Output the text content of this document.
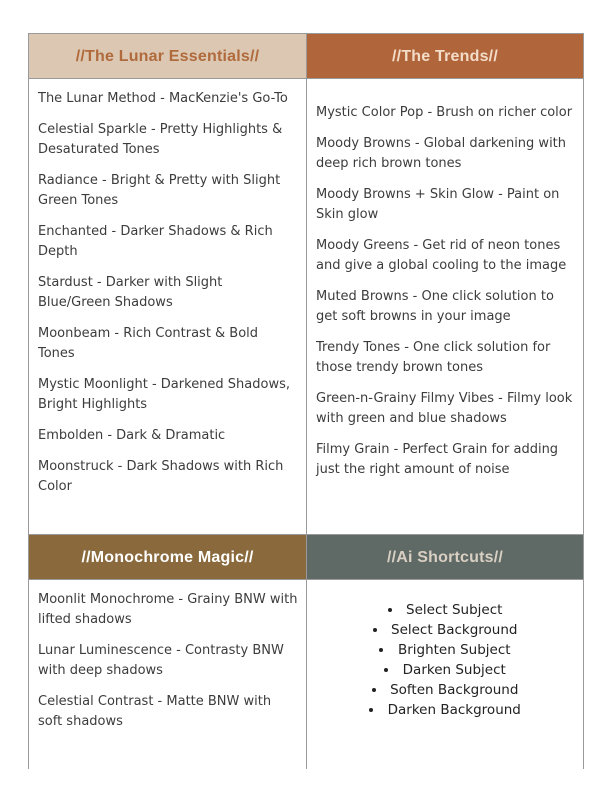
//The Lunar Essentials//
The Lunar Method - MacKenzie's Go-To
Celestial Sparkle - Pretty Highlights & Desaturated Tones
Radiance - Bright & Pretty with Slight Green Tones
Enchanted - Darker Shadows & Rich Depth
Stardust - Darker with Slight Blue/Green Shadows
Moonbeam - Rich Contrast & Bold Tones
Mystic Moonlight - Darkened Shadows, Bright Highlights
Embolden - Dark & Dramatic
Moonstruck - Dark Shadows with Rich Color
//The Trends//
Mystic Color Pop - Brush on richer color
Moody Browns - Global darkening with deep rich brown tones
Moody Browns + Skin Glow - Paint on Skin glow
Moody Greens - Get rid of neon tones and give a global cooling to the image
Muted Browns - One click solution to get soft browns in your image
Trendy Tones - One click solution for those trendy brown tones
Green-n-Grainy Filmy Vibes - Filmy look with green and blue shadows
Filmy Grain - Perfect Grain for adding just the right amount of noise
//Monochrome Magic//
Moonlit Monochrome - Grainy BNW with lifted shadows
Lunar Luminescence - Contrasty BNW with deep shadows
Celestial Contrast - Matte BNW with soft shadows
//Ai Shortcuts//
• Select Subject
• Select Background
• Brighten Subject
• Darken Subject
• Soften Background
• Darken Background
